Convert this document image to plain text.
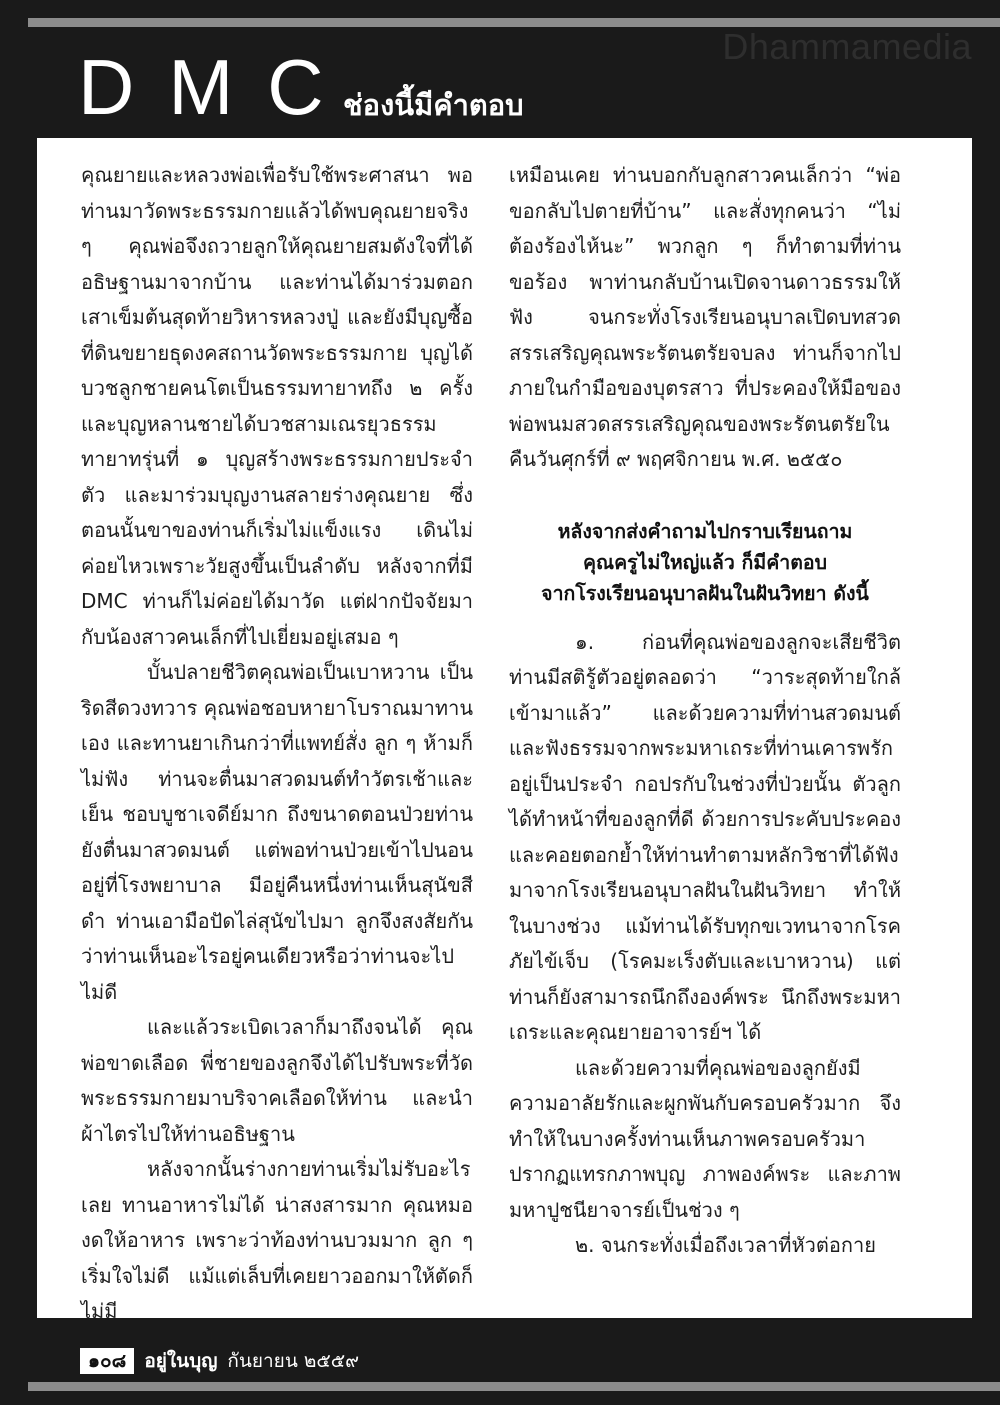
Dhammamedia
DMC
ช่องนี้มีคำตอบ

คุณยายและหลวงพ่อเพื่อรับใช้พระศาสนา พอท่านมาวัดพระธรรมกายแล้วได้พบคุณยายจริง ๆ คุณพ่อจึงถวายลูกให้คุณยายสมดังใจที่ได้อธิษฐานมาจากบ้าน และท่านได้มาร่วมตอกเสาเข็มต้นสุดท้ายวิหารหลวงปู่ และยังมีบุญซื้อที่ดินขยายธุดงคสถานวัดพระธรรมกาย บุญได้บวชลูกชายคนโตเป็นธรรมทายาทถึง ๒ ครั้ง และบุญหลานชายได้บวชสามเณรยุวธรรมทายาทรุ่นที่ ๑ บุญสร้างพระธรรมกายประจำตัว และมาร่วมบุญงานสลายร่างคุณยาย ซึ่งตอนนั้นขาของท่านก็เริ่มไม่แข็งแรง เดินไม่ค่อยไหวเพราะวัยสูงขึ้นเป็นลำดับ หลังจากที่มี DMC ท่านก็ไม่ค่อยได้มาวัด แต่ฝากปัจจัยมากับน้องสาวคนเล็กที่ไปเยี่ยมอยู่เสมอ ๆ

บั้นปลายชีวิตคุณพ่อเป็นเบาหวาน เป็นริดสีดวงทวาร คุณพ่อชอบหายาโบราณมาทานเอง และทานยาเกินกว่าที่แพทย์สั่ง ลูก ๆ ห้ามก็ไม่ฟัง ท่านจะตื่นมาสวดมนต์ทำวัตรเช้าและเย็น ชอบบูชาเจดีย์มาก ถึงขนาดตอนป่วยท่านยังตื่นมาสวดมนต์ แต่พอท่านป่วยเข้าไปนอนอยู่ที่โรงพยาบาล มีอยู่คืนหนึ่งท่านเห็นสุนัขสีดำ ท่านเอามือปัดไล่สุนัขไปมา ลูกจึงสงสัยกันว่าท่านเห็นอะไรอยู่คนเดียวหรือว่าท่านจะไปไม่ดี

และแล้วระเบิดเวลาก็มาถึงจนได้ คุณพ่อขาดเลือด พี่ชายของลูกจึงได้ไปรับพระที่วัดพระธรรมกายมาบริจาคเลือดให้ท่าน และนำผ้าไตรไปให้ท่านอธิษฐาน

หลังจากนั้นร่างกายท่านเริ่มไม่รับอะไรเลย ทานอาหารไม่ได้ น่าสงสารมาก คุณหมองดให้อาหาร เพราะว่าท้องท่านบวมมาก ลูก ๆ เริ่มใจไม่ดี แม้แต่เล็บที่เคยยาวออกมาให้ตัดก็ไม่มี

เหมือนเคย ท่านบอกกับลูกสาวคนเล็กว่า “พ่อขอกลับไปตายที่บ้าน” และสั่งทุกคนว่า “ไม่ต้องร้องไห้นะ” พวกลูก ๆ ก็ทำตามที่ท่านขอร้อง พาท่านกลับบ้านเปิดจานดาวธรรมให้ฟัง จนกระทั่งโรงเรียนอนุบาลเปิดบทสวดสรรเสริญคุณพระรัตนตรัยจบลง ท่านก็จากไปภายในกำมือของบุตรสาว ที่ประคองให้มือของพ่อพนมสวดสรรเสริญคุณของพระรัตนตรัยในคืนวันศุกร์ที่ ๙ พฤศจิกายน พ.ศ. ๒๕๕๐

หลังจากส่งคำถามไปกราบเรียนถาม
คุณครูไม่ใหญ่แล้ว ก็มีคำตอบ
จากโรงเรียนอนุบาลฝันในฝันวิทยา ดังนี้

๑. ก่อนที่คุณพ่อของลูกจะเสียชีวิต ท่านมีสติรู้ตัวอยู่ตลอดว่า “วาระสุดท้ายใกล้เข้ามาแล้ว” และด้วยความที่ท่านสวดมนต์และฟังธรรมจากพระมหาเถระที่ท่านเคารพรักอยู่เป็นประจำ กอปรกับในช่วงที่ป่วยนั้น ตัวลูกได้ทำหน้าที่ของลูกที่ดี ด้วยการประคับประคองและคอยตอกย้ำให้ท่านทำตามหลักวิชาที่ได้ฟังมาจากโรงเรียนอนุบาลฝันในฝันวิทยา ทำให้ในบางช่วง แม้ท่านได้รับทุกขเวทนาจากโรคภัยไข้เจ็บ (โรคมะเร็งตับและเบาหวาน) แต่ท่านก็ยังสามารถนึกถึงองค์พระ นึกถึงพระมหาเถระและคุณยายอาจารย์ฯ ได้

และด้วยความที่คุณพ่อของลูกยังมีความอาลัยรักและผูกพันกับครอบครัวมาก จึงทำให้ในบางครั้งท่านเห็นภาพครอบครัวมาปรากฏแทรกภาพบุญ ภาพองค์พระ และภาพมหาปูชนียาจารย์เป็นช่วง ๆ

๒. จนกระทั่งเมื่อถึงเวลาที่หัวต่อกาย

๑๐๘ อยู่ในบุญ กันยายน ๒๕๕๙
